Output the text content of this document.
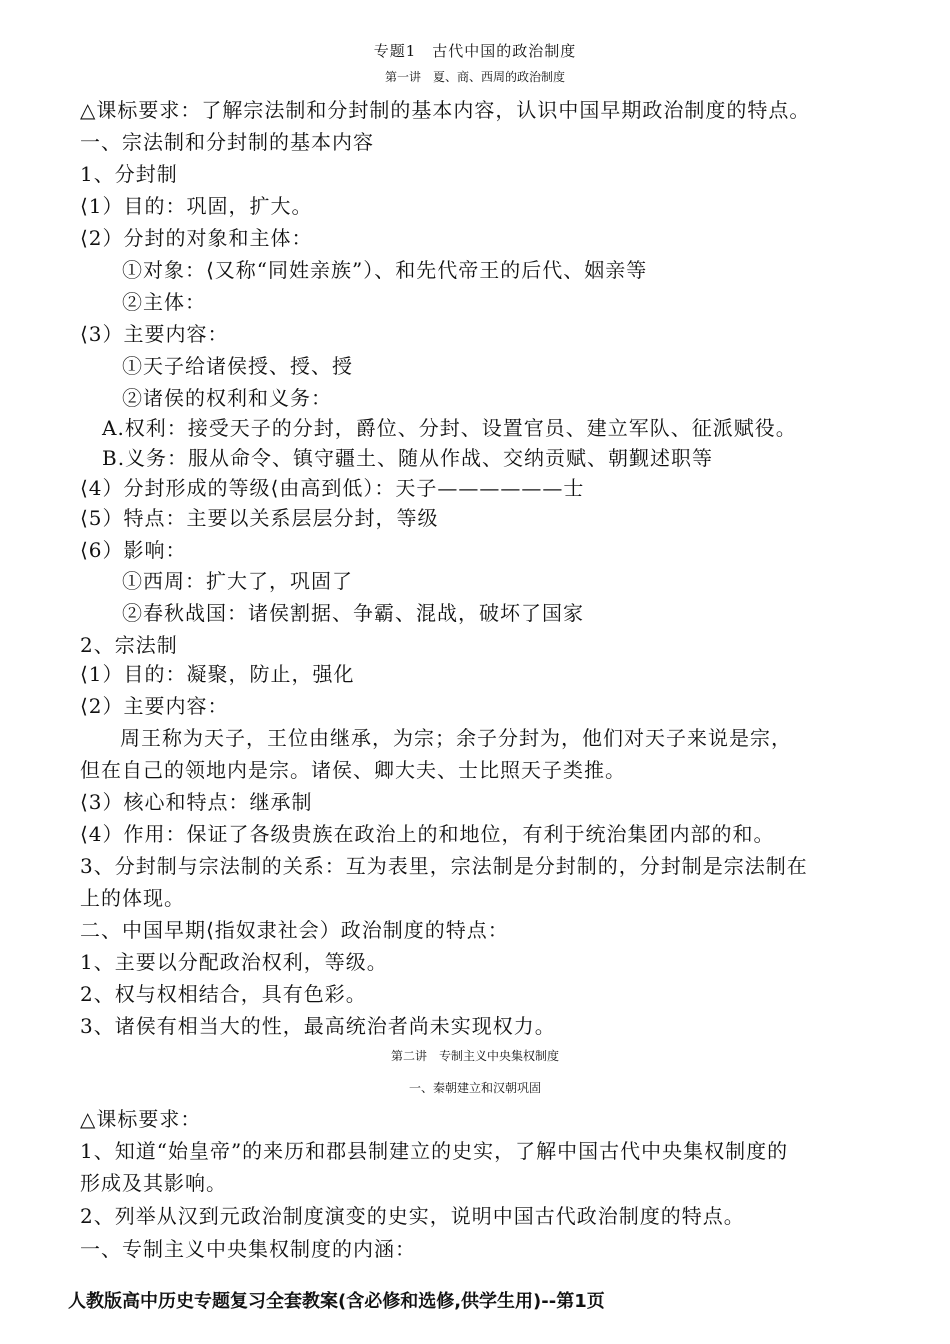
专题1　古代中国的政治制度
第一讲　夏、商、西周的政治制度
△课标要求：了解宗法制和分封制的基本内容，认识中国早期政治制度的特点。
一、宗法制和分封制的基本内容
1、分封制
⟨1）目的：巩固，扩大。
⟨2）分封的对象和主体：
①对象：⟨又称“同姓亲族”）、和先代帝王的后代、姻亲等
②主体：
⟨3）主要内容：
①天子给诸侯授、授、授
②诸侯的权利和义务：
A.权利：接受天子的分封，爵位、分封、设置官员、建立军队、征派赋役。
B.义务：服从命令、镇守疆土、随从作战、交纳贡赋、朝觐述职等
⟨4）分封形成的等级⟨由高到低）：天子——————士
⟨5）特点：主要以关系层层分封，等级
⟨6）影响：
①西周：扩大了，巩固了
②春秋战国：诸侯割据、争霸、混战，破坏了国家
2、宗法制
⟨1）目的：凝聚，防止，强化
⟨2）主要内容：
周王称为天子，王位由继承，为宗；余子分封为，他们对天子来说是宗，
但在自己的领地内是宗。诸侯、卿大夫、士比照天子类推。
⟨3）核心和特点：继承制
⟨4）作用：保证了各级贵族在政治上的和地位，有利于统治集团内部的和。
3、分封制与宗法制的关系：互为表里，宗法制是分封制的，分封制是宗法制在
上的体现。
二、中国早期⟨指奴隶社会）政治制度的特点：
1、主要以分配政治权利，等级。
2、权与权相结合，具有色彩。
3、诸侯有相当大的性，最高统治者尚未实现权力。
第二讲　专制主义中央集权制度
一、秦朝建立和汉朝巩固
△课标要求：
1、知道“始皇帝”的来历和郡县制建立的史实，了解中国古代中央集权制度的
形成及其影响。
2、列举从汉到元政治制度演变的史实，说明中国古代政治制度的特点。
一、专制主义中央集权制度的内涵：
人教版高中历史专题复习全套教案(含必修和选修,供学生用)--第1页
